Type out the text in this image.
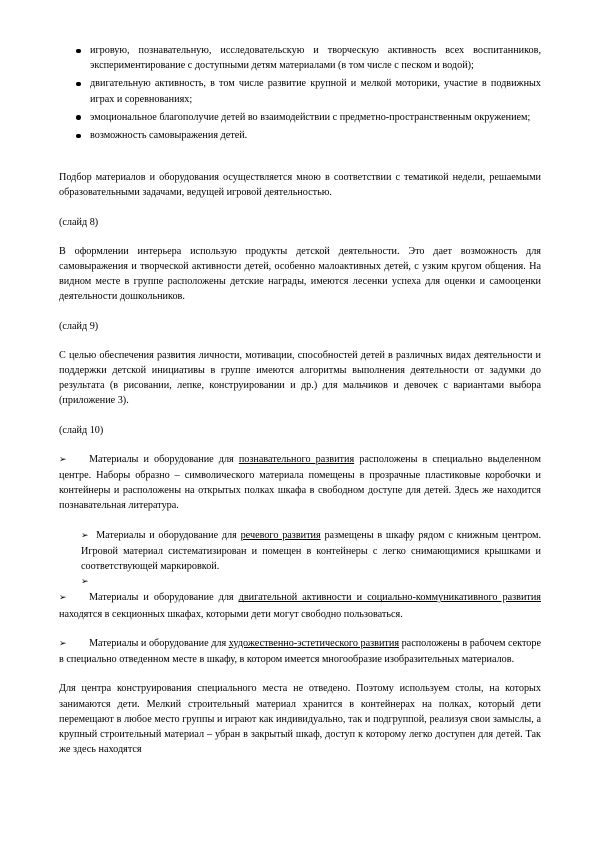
игровую, познавательную, исследовательскую и творческую активность всех воспитанников, экспериментирование с доступными детям материалами (в том числе с песком и водой);
двигательную активность, в том числе развитие крупной и мелкой моторики, участие в подвижных играх и соревнованиях;
эмоциональное благополучие детей во взаимодействии с предметно-пространственным окружением;
возможность самовыражения детей.

Подбор материалов и оборудования осуществляется мною в соответствии с тематикой недели, решаемыми образовательными задачами, ведущей игровой деятельностью.

(слайд 8)

В оформлении интерьера использую продукты детской деятельности. Это дает возможность для самовыражения и творческой активности детей, особенно малоактивных детей, с узким кругом общения. На видном месте в группе расположены детские награды, имеются лесенки успеха для оценки и самооценки деятельности дошкольников.

(слайд 9)

С целью обеспечения развития личности, мотивации, способностей детей в различных видах деятельности и поддержки детской инициативы в группе имеются алгоритмы выполнения деятельности от задумки до результата (в рисовании, лепке, конструировании и др.) для мальчиков и девочек с вариантами выбора (приложение 3).

(слайд 10)

➢ Материалы и оборудование для познавательного развития расположены в специально выделенном центре. Наборы образно – символического материала помещены в прозрачные пластиковые коробочки и контейнеры и расположены на открытых полках шкафа в свободном доступе для детей. Здесь же находится познавательная литература.

➢ Материалы и оборудование для речевого развития размещены в шкафу рядом с книжным центром. Игровой материал систематизирован и помещен в контейнеры с легко снимающимися крышками и соответствующей маркировкой.

➢

➢ Материалы и оборудование для двигательной активности и социально-коммуникативного развития находятся в секционных шкафах, которыми дети могут свободно пользоваться.

➢ Материалы и оборудование для художественно-эстетического развития расположены в рабочем секторе в специально отведенном месте в шкафу, в котором имеется многообразие изобразительных материалов.

Для центра конструирования специального места не отведено. Поэтому используем столы, на которых занимаются дети. Мелкий строительный материал хранится в контейнерах на полках, который дети перемещают в любое место группы и играют как индивидуально, так и подгруппой, реализуя свои замыслы, а крупный строительный материал – убран в закрытый шкаф, доступ к которому легко доступен для детей. Так же здесь находятся
